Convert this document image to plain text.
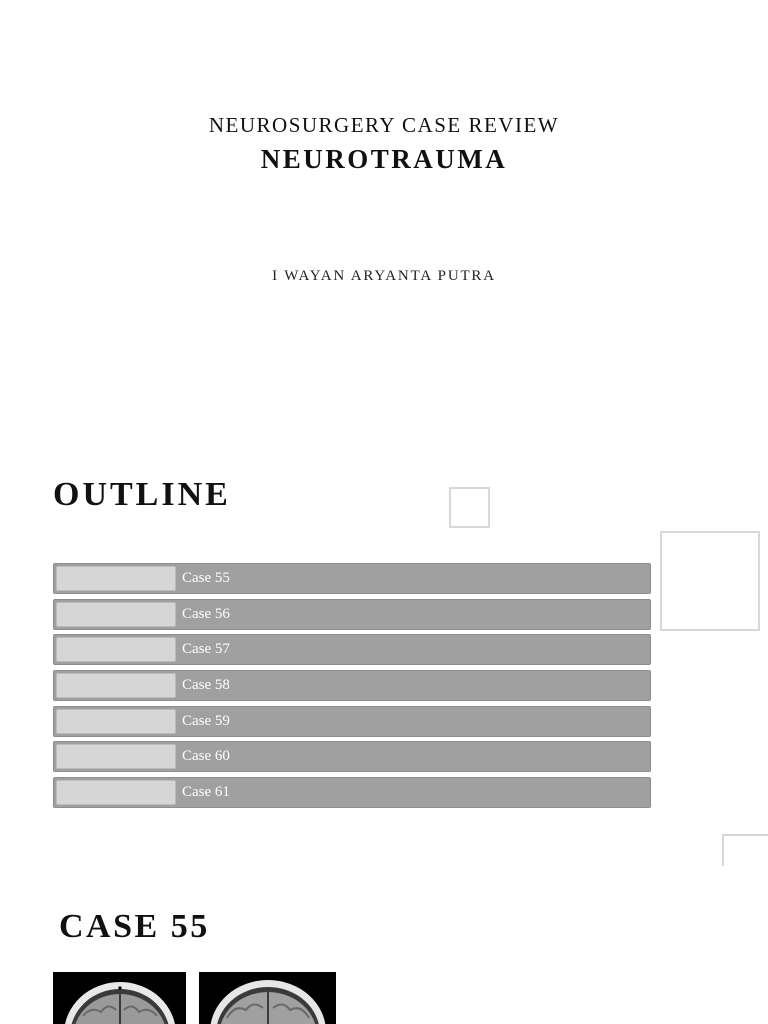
NEUROSURGERY CASE REVIEW
NEUROTRAUMA
I WAYAN ARYANTA PUTRA
OUTLINE
Case 55
Case 56
Case 57
Case 58
Case 59
Case 60
Case 61
CASE 55
